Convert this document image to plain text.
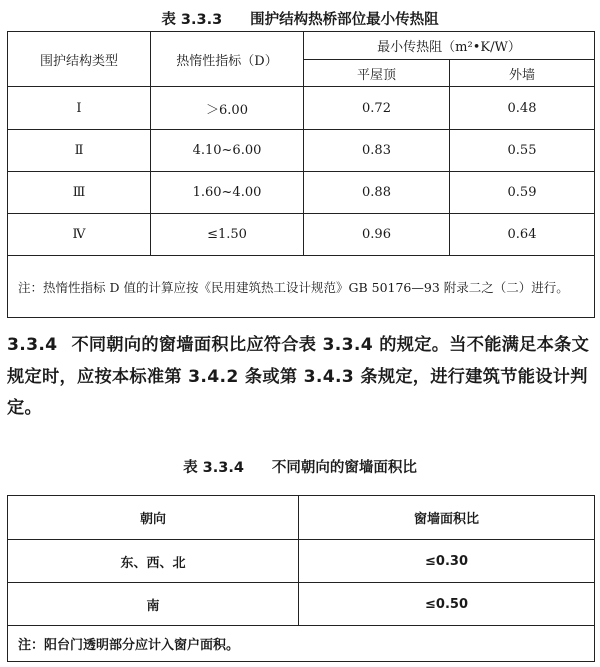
表 3.3.3 围护结构热桥部位最小传热阻
围护结构类型	热惰性指标（D）	最小传热阻（m²•K/W）	
		平屋顶	外墙
Ⅰ	＞6.00	0.72	0.48
Ⅱ	4.10~6.00	0.83	0.55
Ⅲ	1.60~4.00	0.88	0.59
Ⅳ	≤1.50	0.96	0.64
注：热惰性指标 D 值的计算应按《民用建筑热工设计规范》GB 50176—93 附录二之（二）进行。			
3.3.4 不同朝向的窗墙面积比应符合表 3.3.4 的规定。当不能满足本条文规定时，应按本标准第 3.4.2 条或第 3.4.3 条规定，进行建筑节能设计判定。
表 3.3.4 不同朝向的窗墙面积比
朝向	窗墙面积比
东、西、北	≤0.30
南	≤0.50
注：阳台门透明部分应计入窗户面积。	
